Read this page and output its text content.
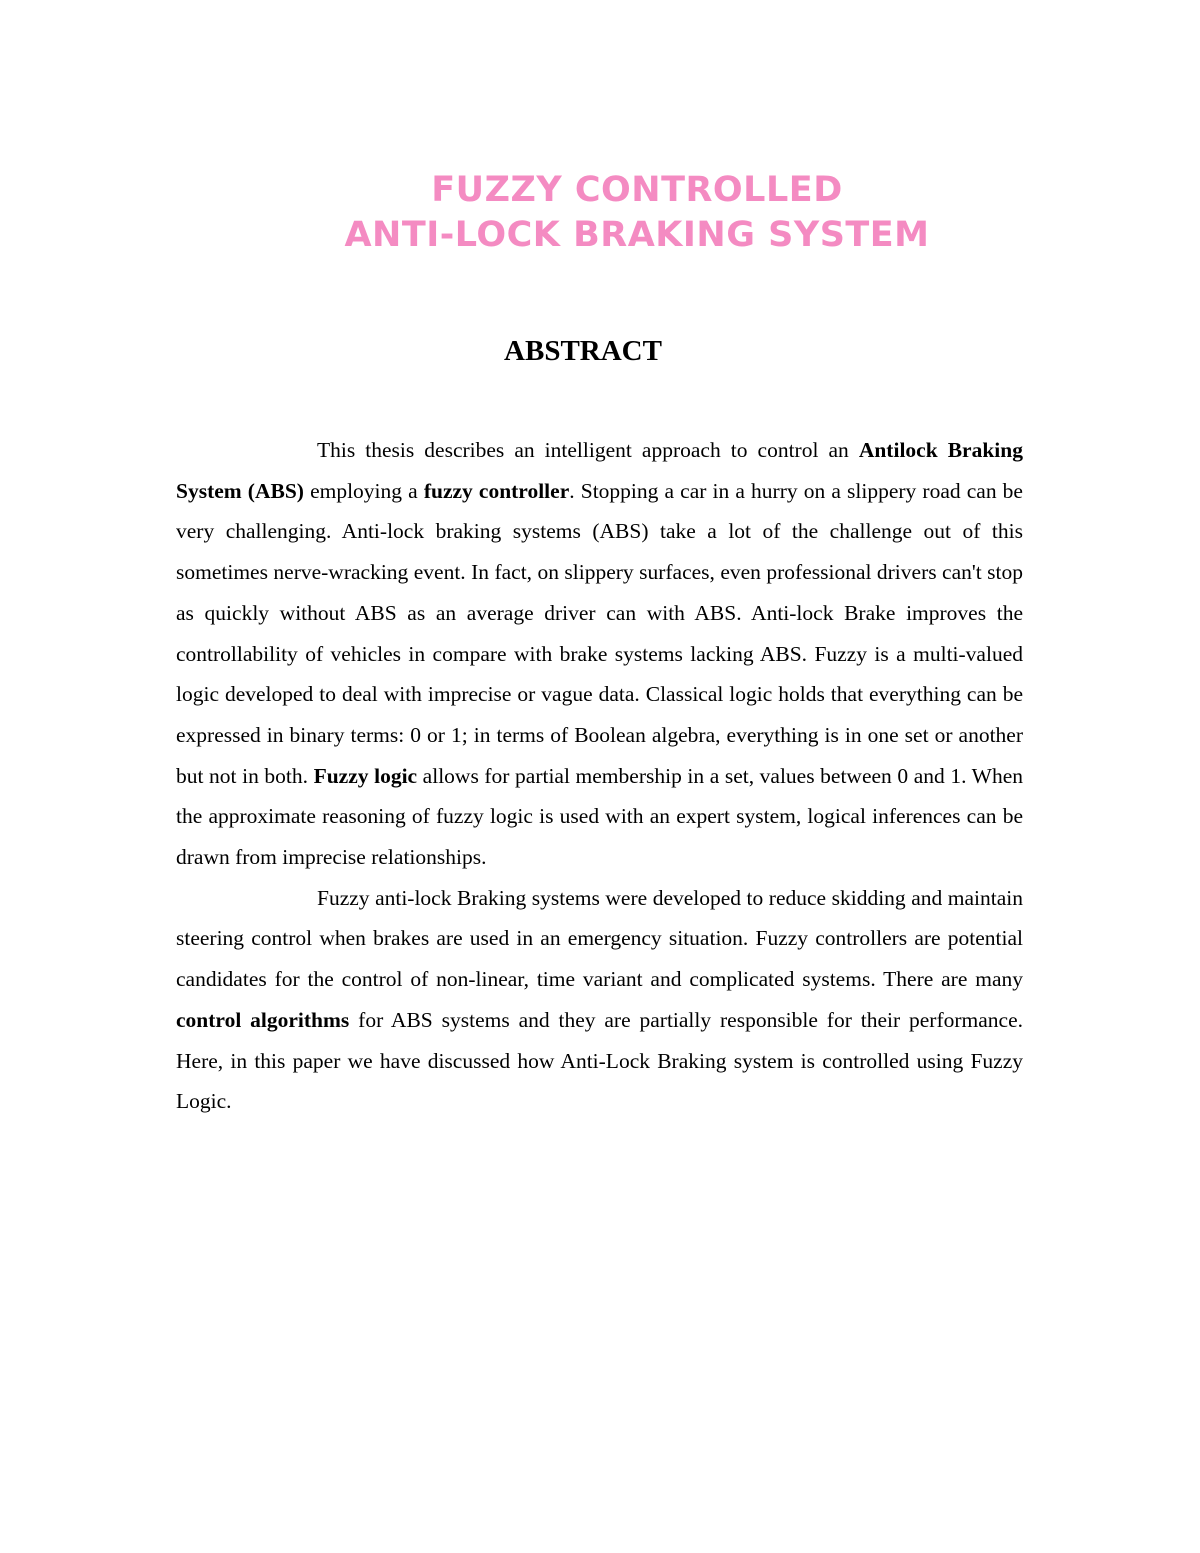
FUZZY CONTROLLED
ANTI-LOCK BRAKING SYSTEM
ABSTRACT

This thesis describes an intelligent approach to control an Antilock Braking System (ABS) employing a fuzzy controller. Stopping a car in a hurry on a slippery road can be very challenging. Anti-lock braking systems (ABS) take a lot of the challenge out of this sometimes nerve-wracking event. In fact, on slippery surfaces, even professional drivers can't stop as quickly without ABS as an average driver can with ABS. Anti-lock Brake improves the controllability of vehicles in compare with brake systems lacking ABS. Fuzzy is a multi-valued logic developed to deal with imprecise or vague data. Classical logic holds that everything can be expressed in binary terms: 0 or 1; in terms of Boolean algebra, everything is in one set or another but not in both. Fuzzy logic allows for partial membership in a set, values between 0 and 1. When the approximate reasoning of fuzzy logic is used with an expert system, logical inferences can be drawn from imprecise relationships.

Fuzzy anti-lock Braking systems were developed to reduce skidding and maintain steering control when brakes are used in an emergency situation. Fuzzy controllers are potential candidates for the control of non-linear, time variant and complicated systems. There are many control algorithms for ABS systems and they are partially responsible for their performance. Here, in this paper we have discussed how Anti-Lock Braking system is controlled using Fuzzy Logic.
